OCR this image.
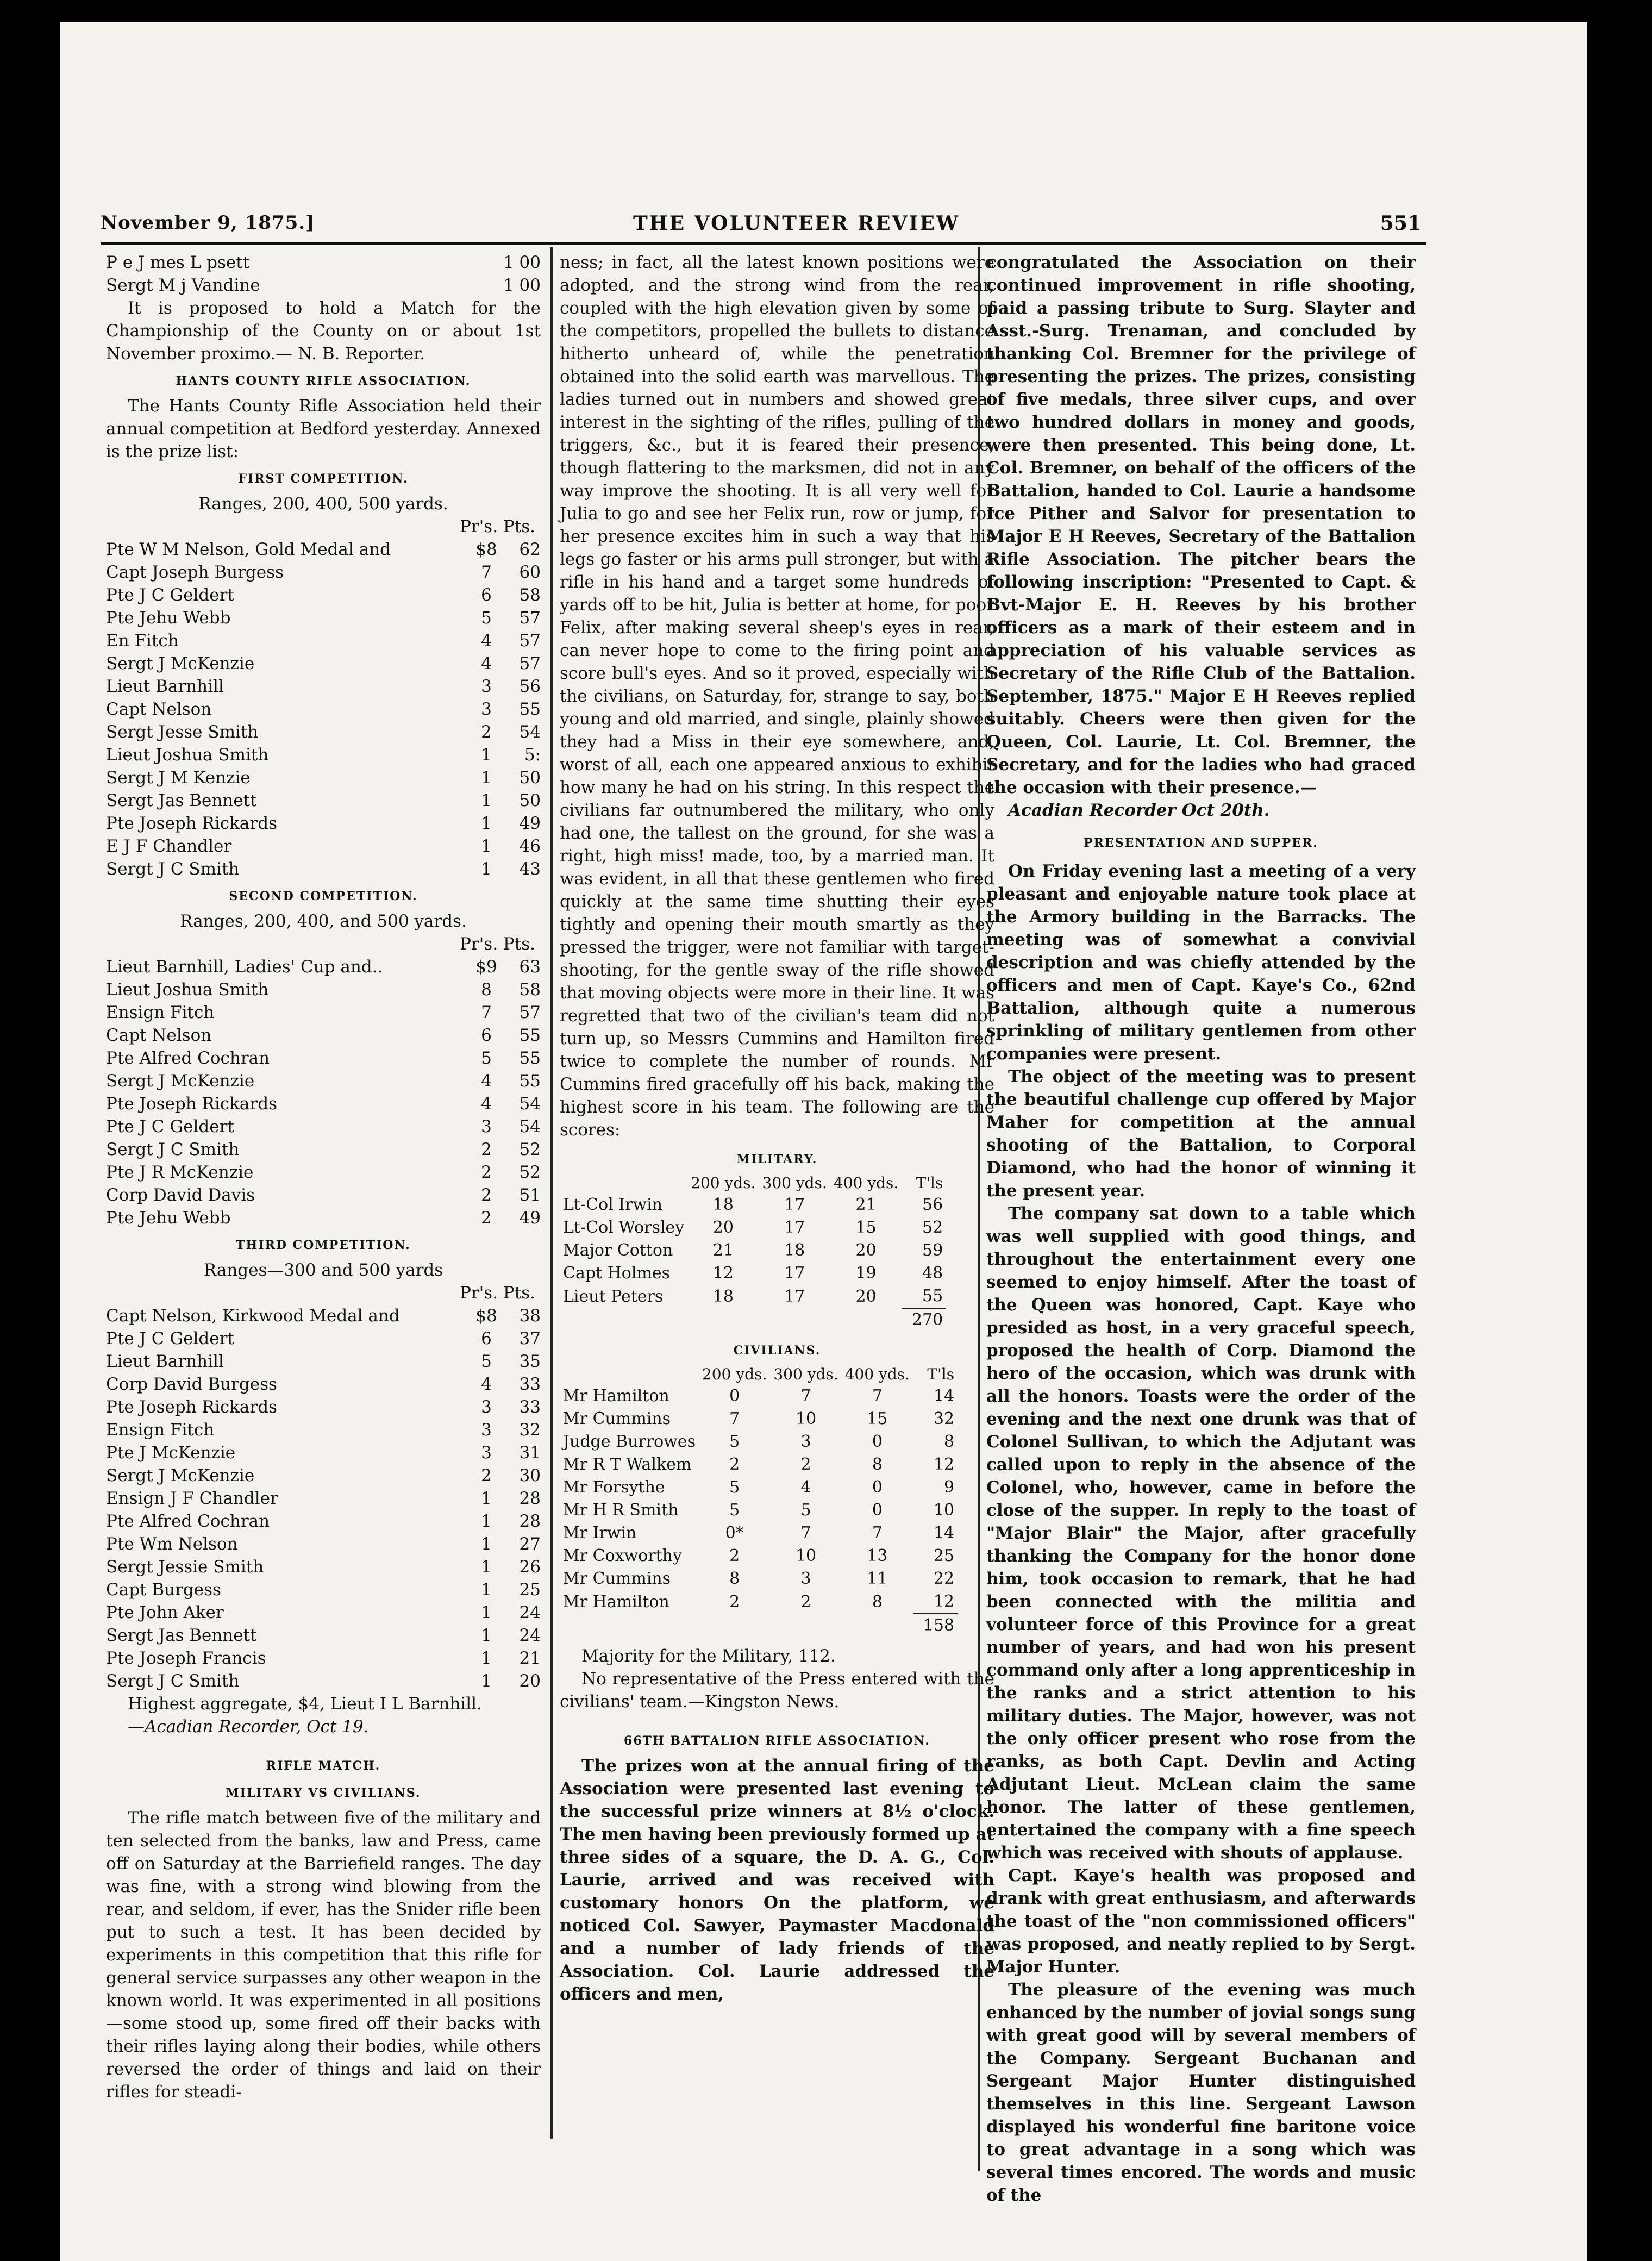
November 9, 1875.]	THE VOLUNTEER REVIEW	551
P e J mes L psett	1 00
Sergt M j Vandine	1 00

It is proposed to hold a Match for the Championship of the County on or about 1st November proximo.— N. B. Reporter.

HANTS COUNTY RIFLE ASSOCIATION.

The Hants County Rifle Association held their annual competition at Bedford yesterday. Annexed is the prize list:

FIRST COMPETITION.
Ranges, 200, 400, 500 yards.
Pr's. Pts.
Pte W M Nelson, Gold Medal and	$8	62
Capt Joseph Burgess	7	60
Pte J C Geldert	6	58
Pte Jehu Webb	5	57
En Fitch	4	57
Sergt J McKenzie	4	57
Lieut Barnhill	3	56
Capt Nelson	3	55
Sergt Jesse Smith	2	54
Lieut Joshua Smith	1	5:
Sergt J M Kenzie	1	50
Sergt Jas Bennett	1	50
Pte Joseph Rickards	1	49
E J F Chandler	1	46
Sergt J C Smith	1	43
SECOND COMPETITION.
Ranges, 200, 400, and 500 yards.
Pr's. Pts.
Lieut Barnhill, Ladies' Cup and..	$9	63
Lieut Joshua Smith	8	58
Ensign Fitch	7	57
Capt Nelson	6	55
Pte Alfred Cochran	5	55
Sergt J McKenzie	4	55
Pte Joseph Rickards	4	54
Pte J C Geldert	3	54
Sergt J C Smith	2	52
Pte J R McKenzie	2	52
Corp David Davis	2	51
Pte Jehu Webb	2	49
THIRD COMPETITION.
Ranges—300 and 500 yards
Pr's. Pts.
Capt Nelson, Kirkwood Medal and	$8	38
Pte J C Geldert	6	37
Lieut Barnhill	5	35
Corp David Burgess	4	33
Pte Joseph Rickards	3	33
Ensign Fitch	3	32
Pte J McKenzie	3	31
Sergt J McKenzie	2	30
Ensign J F Chandler	1	28
Pte Alfred Cochran	1	28
Pte Wm Nelson	1	27
Sergt Jessie Smith	1	26
Capt Burgess	1	25
Pte John Aker	1	24
Sergt Jas Bennett	1	24
Pte Joseph Francis	1	21
Sergt J C Smith	1	20

Highest aggregate, $4, Lieut I L Barnhill.

—Acadian Recorder, Oct 19.

RIFLE MATCH.
MILITARY VS CIVILIANS.

The rifle match between five of the military and ten selected from the banks, law and Press, came off on Saturday at the Barriefield ranges. The day was fine, with a strong wind blowing from the rear, and seldom, if ever, has the Snider rifle been put to such a test. It has been decided by experiments in this competition that this rifle for general service surpasses any other weapon in the known world. It was experimented in all positions—some stood up, some fired off their backs with their rifles laying along their bodies, while others reversed the order of things and laid on their rifles for steadi-

ness; in fact, all the latest known positions were adopted, and the strong wind from the rear, coupled with the high elevation given by some of the competitors, propelled the bullets to distance hitherto unheard of, while the penetration obtained into the solid earth was marvellous. The ladies turned out in numbers and showed great interest in the sighting of the rifles, pulling of the triggers, &c., but it is feared their presence, though flattering to the marksmen, did not in any way improve the shooting. It is all very well for Julia to go and see her Felix run, row or jump, for her presence excites him in such a way that his legs go faster or his arms pull stronger, but with a rifle in his hand and a target some hundreds of yards off to be hit, Julia is better at home, for poor Felix, after making several sheep's eyes in rear, can never hope to come to the firing point and score bull's eyes. And so it proved, especially with the civilians, on Saturday, for, strange to say, both young and old married, and single, plainly showed they had a Miss in their eye somewhere, and, worst of all, each one appeared anxious to exhibit how many he had on his string. In this respect the civilians far outnumbered the military, who only had one, the tallest on the ground, for she was a right, high miss! made, too, by a married man. It was evident, in all that these gentlemen who fired quickly at the same time shutting their eyes tightly and opening their mouth smartly as they pressed the trigger, were not familiar with target-shooting, for the gentle sway of the rifle showed that moving objects were more in their line. It was regretted that two of the civilian's team did not turn up, so Messrs Cummins and Hamilton fired twice to complete the number of rounds. Mr Cummins fired gracefully off his back, making the highest score in his team. The following are the scores:

MILITARY.
	200 yds.	300 yds.	400 yds.	T'ls
Lt-Col Irwin	18	17	21	56
Lt-Col Worsley	20	17	15	52
Major Cotton	21	18	20	59
Capt Holmes	12	17	19	48
Lieut Peters	18	17	20	55
				270
CIVILIANS.
	200 yds.	300 yds.	400 yds.	T'ls
Mr Hamilton	0	7	7	14
Mr Cummins	7	10	15	32
Judge Burrowes	5	3	0	8
Mr R T Walkem	2	2	8	12
Mr Forsythe	5	4	0	9
Mr H R Smith	5	5	0	10
Mr Irwin	0*	7	7	14
Mr Coxworthy	2	10	13	25
Mr Cummins	8	3	11	22
Mr Hamilton	2	2	8	12
				158

Majority for the Military, 112.

No representative of the Press entered with the civilians' team.—Kingston News.

66TH BATTALION RIFLE ASSOCIATION.

The prizes won at the annual firing of the Association were presented last evening to the successful prize winners at 8½ o'clock. The men having been previously formed up at three sides of a square, the D. A. G., Col. Laurie, arrived and was received with customary honors On the platform, we noticed Col. Sawyer, Paymaster Macdonald and a number of lady friends of the Association. Col. Laurie addressed the officers and men,

congratulated the Association on their continued improvement in rifle shooting, paid a passing tribute to Surg. Slayter and Asst.-Surg. Trenaman, and concluded by thanking Col. Bremner for the privilege of presenting the prizes. The prizes, consisting of five medals, three silver cups, and over two hundred dollars in money and goods, were then presented. This being done, Lt. Col. Bremner, on behalf of the officers of the Battalion, handed to Col. Laurie a handsome Ice Pither and Salvor for presentation to Major E H Reeves, Secretary of the Battalion Rifle Association. The pitcher bears the following inscription: "Presented to Capt. & Bvt-Major E. H. Reeves by his brother officers as a mark of their esteem and in appreciation of his valuable services as Secretary of the Rifle Club of the Battalion. September, 1875." Major E H Reeves replied suitably. Cheers were then given for the Queen, Col. Laurie, Lt. Col. Bremner, the Secretary, and for the ladies who had graced the occasion with their presence.—

Acadian Recorder Oct 20th.

PRESENTATION AND SUPPER.

On Friday evening last a meeting of a very pleasant and enjoyable nature took place at the Armory building in the Barracks. The meeting was of somewhat a convivial description and was chiefly attended by the officers and men of Capt. Kaye's Co., 62nd Battalion, although quite a numerous sprinkling of military gentlemen from other companies were present.

The object of the meeting was to present the beautiful challenge cup offered by Major Maher for competition at the annual shooting of the Battalion, to Corporal Diamond, who had the honor of winning it the present year.

The company sat down to a table which was well supplied with good things, and throughout the entertainment every one seemed to enjoy himself. After the toast of the Queen was honored, Capt. Kaye who presided as host, in a very graceful speech, proposed the health of Corp. Diamond the hero of the occasion, which was drunk with all the honors. Toasts were the order of the evening and the next one drunk was that of Colonel Sullivan, to which the Adjutant was called upon to reply in the absence of the Colonel, who, however, came in before the close of the supper. In reply to the toast of "Major Blair" the Major, after gracefully thanking the Company for the honor done him, took occasion to remark, that he had been connected with the militia and volunteer force of this Province for a great number of years, and had won his present command only after a long apprenticeship in the ranks and a strict attention to his military duties. The Major, however, was not the only officer present who rose from the ranks, as both Capt. Devlin and Acting Adjutant Lieut. McLean claim the same honor. The latter of these gentlemen, entertained the company with a fine speech which was received with shouts of applause.

Capt. Kaye's health was proposed and drank with great enthusiasm, and afterwards the toast of the "non commissioned officers" was proposed, and neatly replied to by Sergt. Major Hunter.

The pleasure of the evening was much enhanced by the number of jovial songs sung with great good will by several members of the Company. Sergeant Buchanan and Sergeant Major Hunter distinguished themselves in this line. Sergeant Lawson displayed his wonderful fine baritone voice to great advantage in a song which was several times encored. The words and music of the
